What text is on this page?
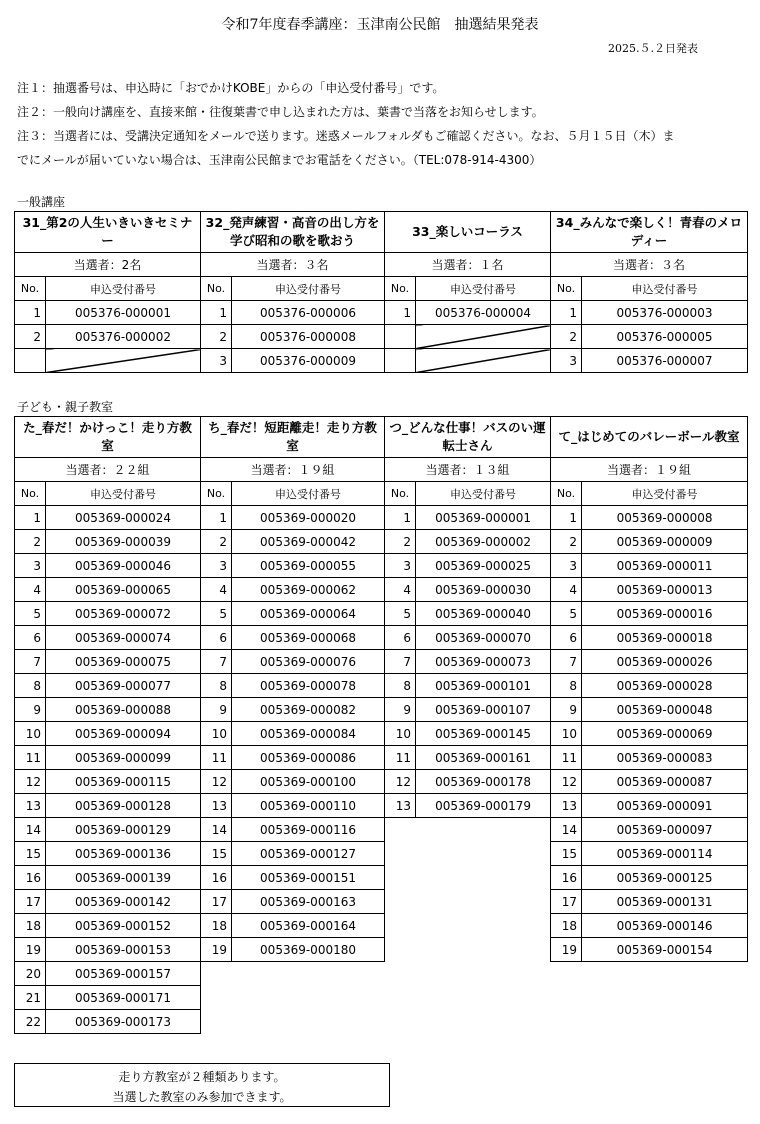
令和7年度春季講座：玉津南公民館　抽選結果発表
2025.５.２日発表

注１：抽選番号は、申込時に「おでかけKOBE」からの「申込受付番号」です。

注２：一般向け講座を、直接来館・往復葉書で申し込まれた方は、葉書で当落をお知らせします。

注３：当選者には、受講決定通知をメールで送ります。迷惑メールフォルダもご確認ください。なお、５月１５日（木）ま

でにメールが届いていない場合は、玉津南公民館までお電話をください。（TEL:078-914-4300）

一般講座
31_第2の人生いきいきセミナー		32_発声練習・高音の出し方を学び昭和の歌を歌おう		33_楽しいコーラス		34_みんなで楽しく！青春のメロディー	
当選者：2名		当選者：３名		当選者：１名		当選者：３名	
No.	申込受付番号	No.	申込受付番号	No.	申込受付番号	No.	申込受付番号
1	005376-000001	1	005376-000006	1	005376-000004	1	005376-000003
2	005376-000002	2	005376-000008			2	005376-000005
		3	005376-000009			3	005376-000007
子ども・親子教室
た_春だ！かけっこ！走り方教室		ち_春だ！短距離走！走り方教室		つ_どんな仕事！バスのい運転士さん		て_はじめてのバレーボール教室	
当選者：２２組		当選者：１９組		当選者：１３組		当選者：１９組	
No.	申込受付番号	No.	申込受付番号	No.	申込受付番号	No.	申込受付番号
1	005369-000024	1	005369-000020	1	005369-000001	1	005369-000008
2	005369-000039	2	005369-000042	2	005369-000002	2	005369-000009
3	005369-000046	3	005369-000055	3	005369-000025	3	005369-000011
4	005369-000065	4	005369-000062	4	005369-000030	4	005369-000013
5	005369-000072	5	005369-000064	5	005369-000040	5	005369-000016
6	005369-000074	6	005369-000068	6	005369-000070	6	005369-000018
7	005369-000075	7	005369-000076	7	005369-000073	7	005369-000026
8	005369-000077	8	005369-000078	8	005369-000101	8	005369-000028
9	005369-000088	9	005369-000082	9	005369-000107	9	005369-000048
10	005369-000094	10	005369-000084	10	005369-000145	10	005369-000069
11	005369-000099	11	005369-000086	11	005369-000161	11	005369-000083
12	005369-000115	12	005369-000100	12	005369-000178	12	005369-000087
13	005369-000128	13	005369-000110	13	005369-000179	13	005369-000091
14	005369-000129	14	005369-000116			14	005369-000097
15	005369-000136	15	005369-000127			15	005369-000114
16	005369-000139	16	005369-000151			16	005369-000125
17	005369-000142	17	005369-000163			17	005369-000131
18	005369-000152	18	005369-000164			18	005369-000146
19	005369-000153	19	005369-000180			19	005369-000154
20	005369-000157						
21	005369-000171						
22	005369-000173						
走り方教室が２種類あります。
当選した教室のみ参加できます。
